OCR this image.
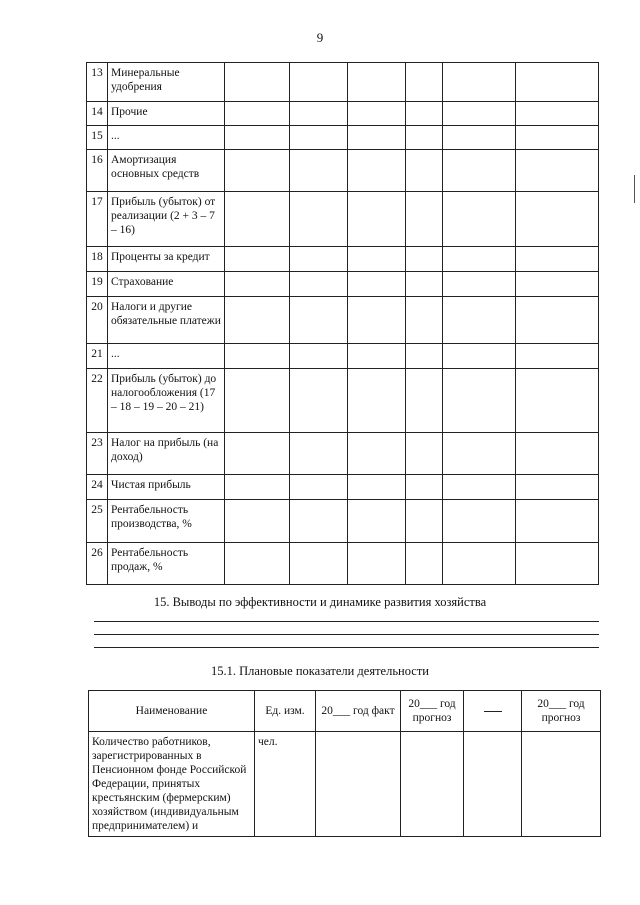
9
13	Минеральные удобрения						
14	Прочие						
15	...						
16	Амортизация основных средств						
17	Прибыль (убыток) от реализации (2 + 3 – 7 – 16)						
18	Проценты за кредит						
19	Страхование						
20	Налоги и другие обязательные платежи						
21	...						
22	Прибыль (убыток) до налогообложения (17 – 18 – 19 – 20 – 21)						
23	Налог на прибыль (на доход)						
24	Чистая прибыль						
25	Рентабельность производства, %						
26	Рентабельность продаж, %						
15. Выводы по эффективности и динамике развития хозяйства
15.1. Плановые показатели деятельности
Наименование	Ед. изм.	20___ год факт	20___ год прогноз		20___ год прогноз
Количество работников, зарегистрированных в Пенсионном фонде Российской Федерации, принятых крестьянским (фермерским) хозяйством (индивидуальным предпринимателем) и	чел.				
